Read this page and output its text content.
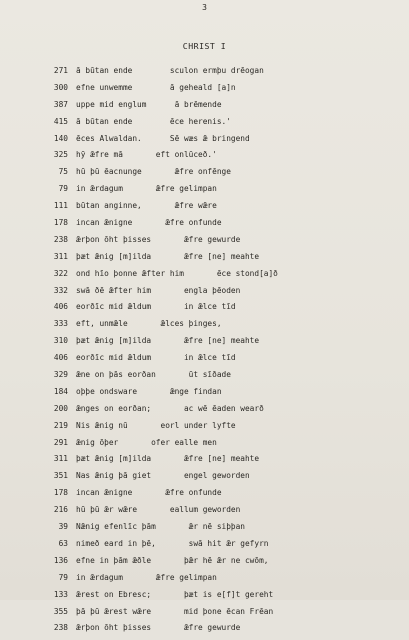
3
CHRIST I
271 ā būtan ende        sculon ermþu drēogan
300 efne unwemme        ā geheald [a]n
387 uppe mid englum      ā brēmende
415 ā būtan ende        ēce herenis.'
140 ēces Alwaldan.      Sē wæs ǣ bringend
325 hȳ ǣfre mā       eft onlūceð.'
75 hū þū ēacnunge       ǣfre onfēnge
79 in ǣrdagum       ǣfre gelimpan
111 būtan anginne,       ǣfre wǣre
178 incan ǣnigne       ǣfre onfunde
238 ǣrþon ōht þisses       ǣfre gewurde
311 þæt ǣnig [m]ilda       ǣfre [ne] meahte
322 ond hīo þonne ǣfter him       ēce stond[a]ð
332 swā ðē ǣfter him       engla þēoden
406 eorðīc mid ǣldum       in ǣlce tīd
333 eft, unmǣle       ǣlces þinges,
310 þæt ǣnig [m]ilda       ǣfre [ne] meahte
406 eorðīc mid ǣldum       in ǣlce tīd
329 ǣne on þās eorðan       ūt sīðade
184 oþþe ondsware       ǣnge findan
200 ǣnges on eorðan;       ac wē ēaden wearð
219 Nis ǣnig nū       eorl under lyfte
291 ǣnig ōþer       ofer ealle men
311 þæt ǣnig [m]ilda       ǣfre [ne] meahte
351 Nas ǣnig þā giet       engel geworden
178 incan ǣnigne       ǣfre onfunde
216 hū þū ǣr wǣre       eallum geworden
39 Nǣnig efenlīc þām       ǣr nē siþþan
63 nimeð eard in þē,       swā hit ǣr gefyrn
136 efne in þām ǣðle       þǣr hē ǣr ne cwōm,
79 in ǣrdagum       ǣfre gelimpan
133 ǣrest on Ebresc;       þæt is e[f]t gereht
355 þā þū ǣrest wǣre       mid þone ēcan Frēan
238 ǣrþon ōht þisses       ǣfre gewurde
